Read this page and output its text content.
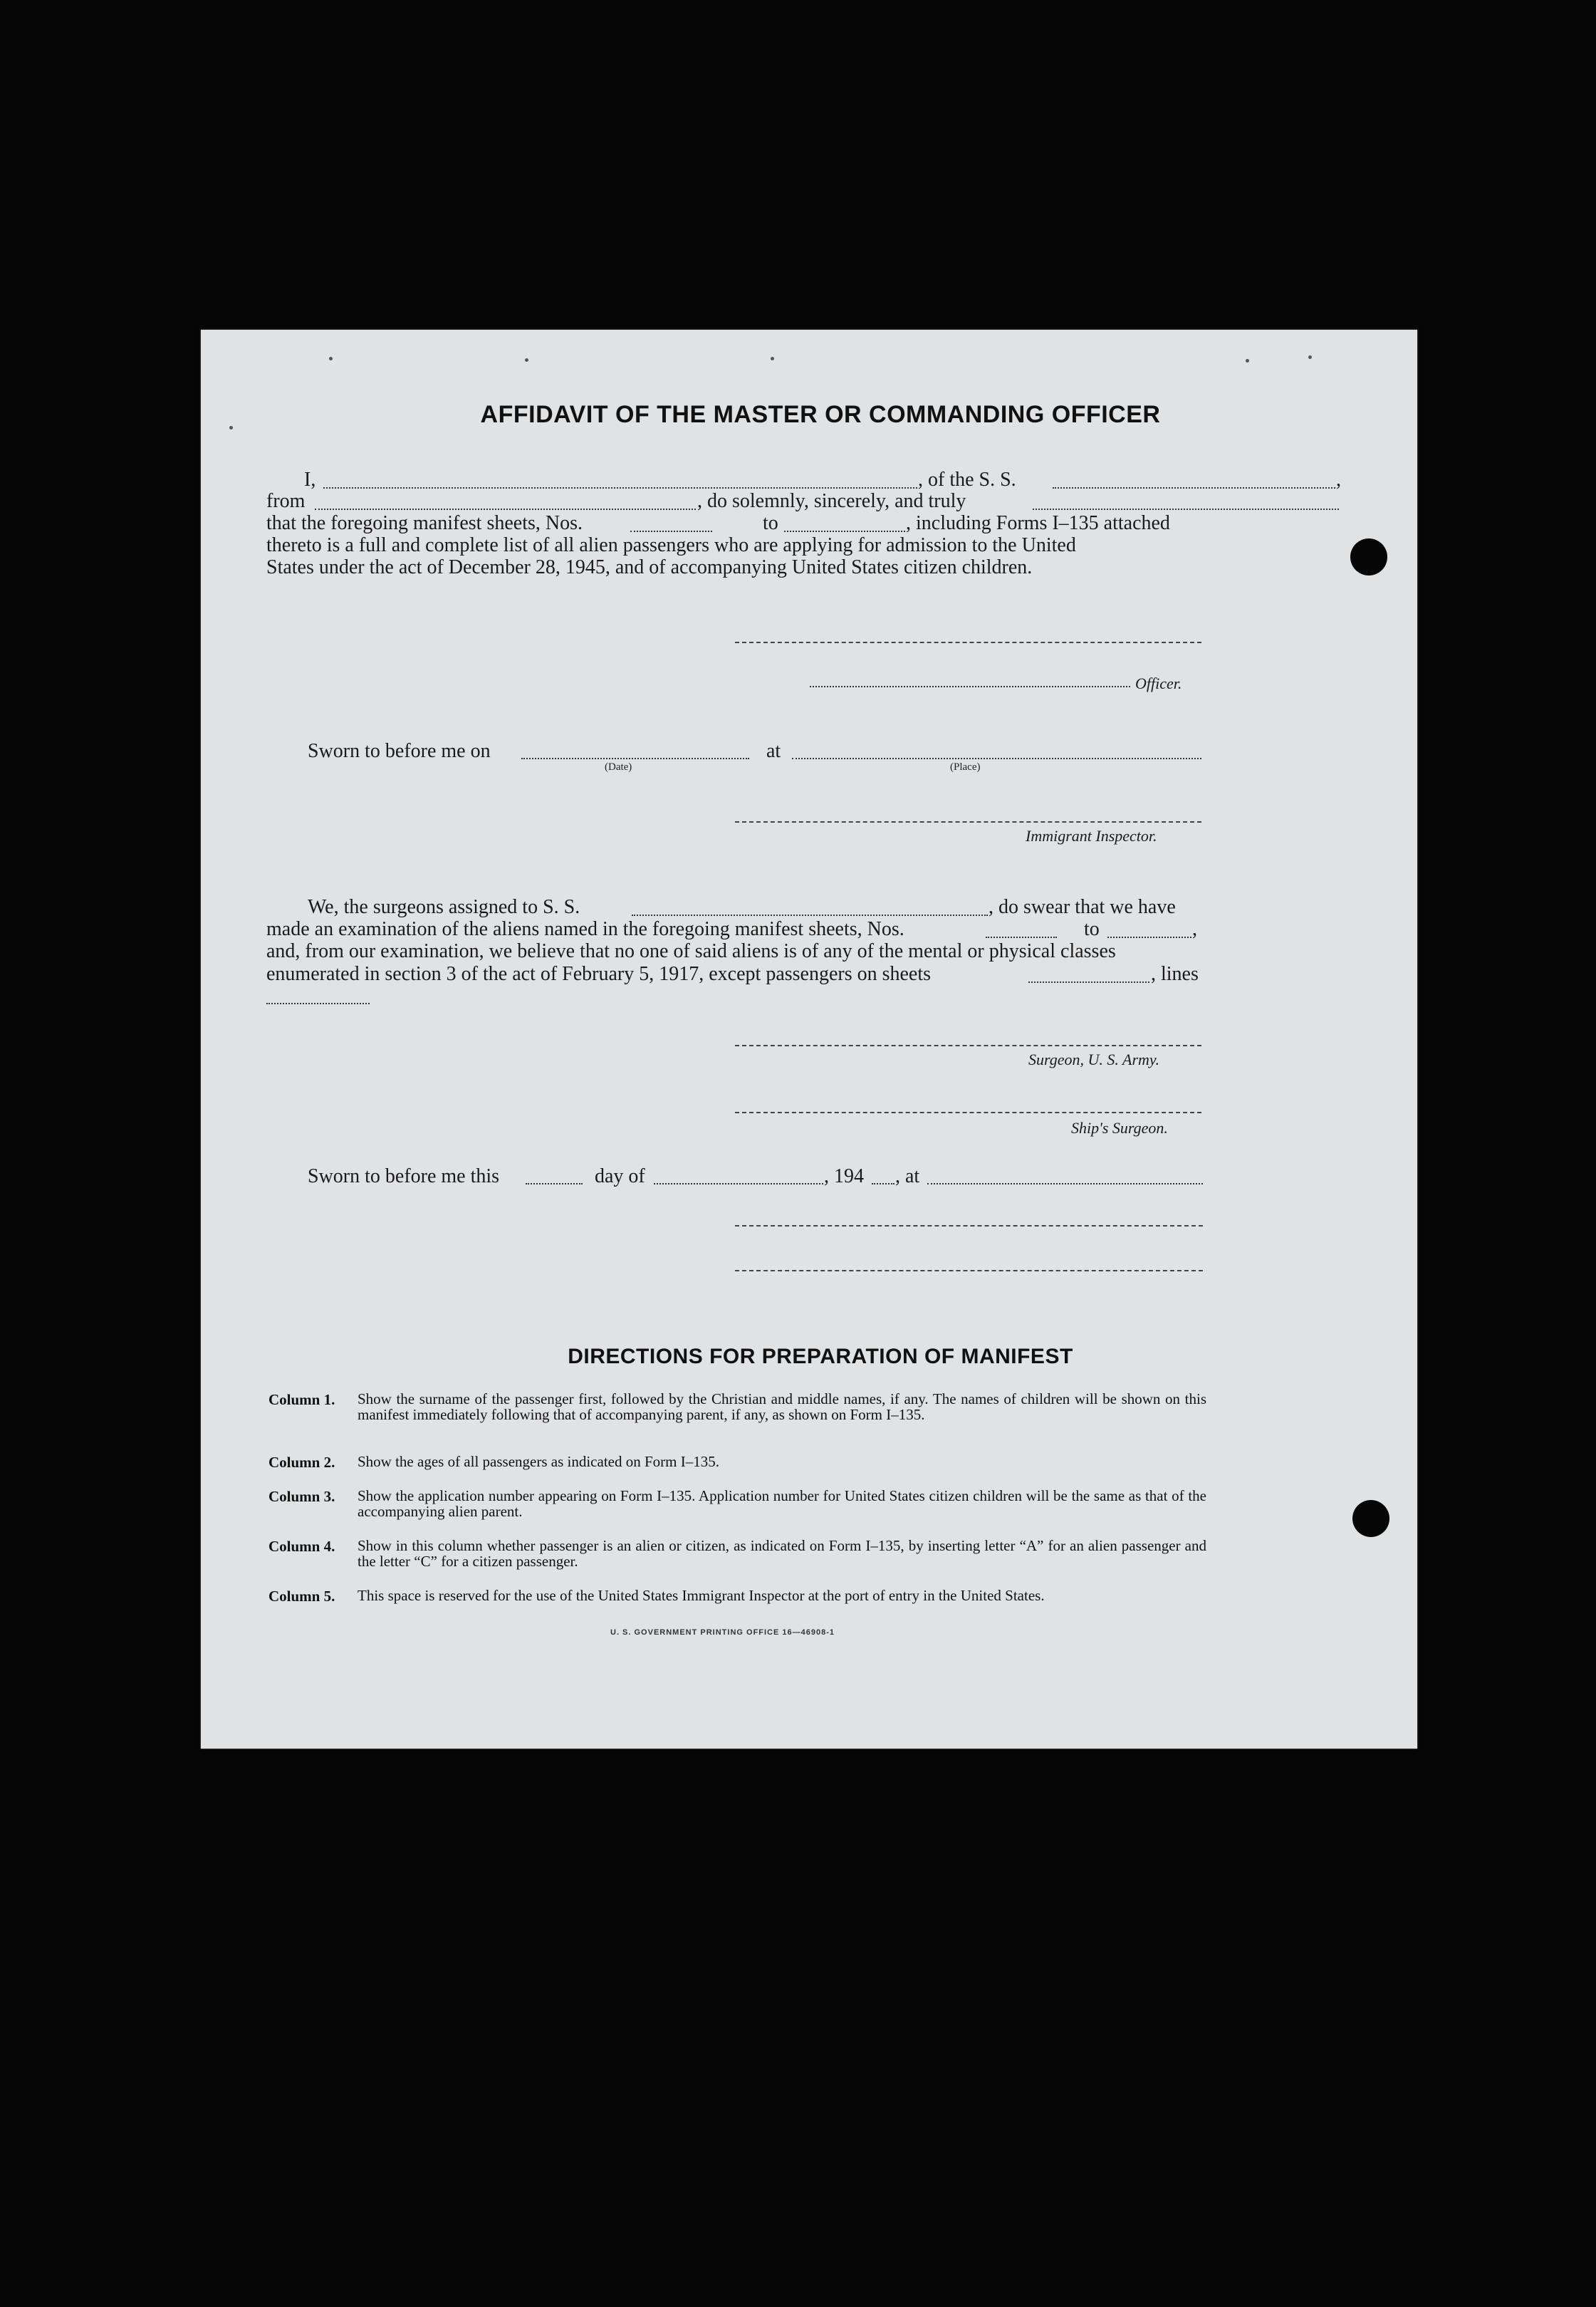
AFFIDAVIT OF THE MASTER OR COMMANDING OFFICER
I,	, of the S. S.	,
from	, do solemnly, sincerely, and truly
that the foregoing manifest sheets, Nos.	to	, including Forms I–135 attached
thereto is a full and complete list of all alien passengers who are applying for admission to the United
States under the act of December 28, 1945, and of accompanying United States citizen children.
Officer.
Sworn to before me on
(Date)
at
(Place)
Immigrant Inspector.
We, the surgeons assigned to S. S.	, do swear that we have
made an examination of the aliens named in the foregoing manifest sheets, Nos.	to	,
and, from our examination, we believe that no one of said aliens is of any of the mental or physical classes
enumerated in section 3 of the act of February 5, 1917, except passengers on sheets	, lines
Surgeon, U. S. Army.
Ship's Surgeon.
Sworn to before me this	day of	, 194 , at
DIRECTIONS FOR PREPARATION OF MANIFEST
Column 1. Show the surname of the passenger first, followed by the Christian and middle names, if any. The names of children will be shown on this manifest immediately following that of accompanying parent, if any, as shown on Form I–135.
Column 2. Show the ages of all passengers as indicated on Form I–135.
Column 3. Show the application number appearing on Form I–135. Application number for United States citizen children will be the same as that of the accompanying alien parent.
Column 4. Show in this column whether passenger is an alien or citizen, as indicated on Form I–135, by inserting letter “A” for an alien passenger and the letter “C” for a citizen passenger.
Column 5. This space is reserved for the use of the United States Immigrant Inspector at the port of entry in the United States.
U. S. GOVERNMENT PRINTING OFFICE 16—46908-1
